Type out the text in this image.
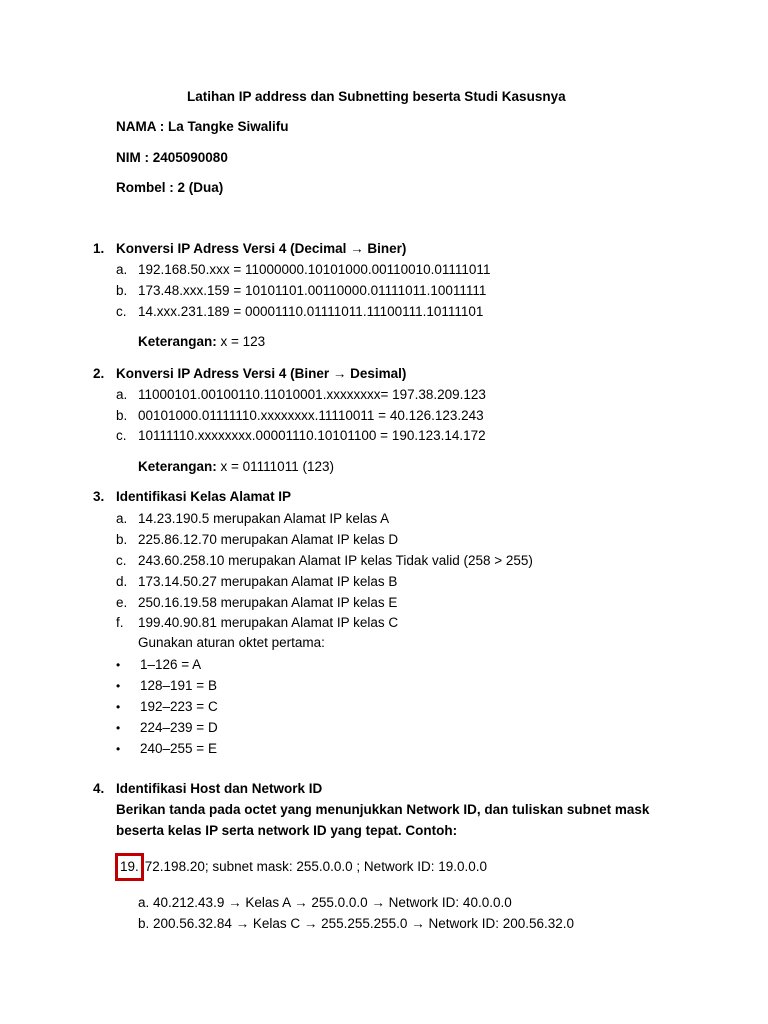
Latihan IP address dan Subnetting beserta Studi Kasusnya
NAMA : La Tangke Siwalifu
NIM : 2405090080
Rombel : 2 (Dua)
1. Konversi IP Adress Versi 4 (Decimal → Biner)
a. 192.168.50.xxx = 11000000.10101000.00110010.01111011
b. 173.48.xxx.159 = 10101101.00110000.01111011.10011111
c. 14.xxx.231.189 = 00001110.01111011.11100111.10111101
Keterangan: x = 123
2. Konversi IP Adress Versi 4 (Biner → Desimal)
a. 11000101.00100110.11010001.xxxxxxxx= 197.38.209.123
b. 00101000.01111110.xxxxxxxx.11110011 = 40.126.123.243
c. 10111110.xxxxxxxx.00001110.10101100 = 190.123.14.172
Keterangan: x = 01111011 (123)
3. Identifikasi Kelas Alamat IP
a. 14.23.190.5 merupakan Alamat IP kelas A
b. 225.86.12.70 merupakan Alamat IP kelas D
c. 243.60.258.10 merupakan Alamat IP kelas Tidak valid (258 > 255)
d. 173.14.50.27 merupakan Alamat IP kelas B
e. 250.16.19.58 merupakan Alamat IP kelas E
f. 199.40.90.81 merupakan Alamat IP kelas C
Gunakan aturan oktet pertama:
• 1–126 = A
• 128–191 = B
• 192–223 = C
• 224–239 = D
• 240–255 = E
4. Identifikasi Host dan Network ID
Berikan tanda pada octet yang menunjukkan Network ID, dan tuliskan subnet mask
beserta kelas IP serta network ID yang tepat. Contoh:
19. 72.198.20; subnet mask: 255.0.0.0 ; Network ID: 19.0.0.0
a. 40.212.43.9 → Kelas A → 255.0.0.0 → Network ID: 40.0.0.0
b. 200.56.32.84 → Kelas C → 255.255.255.0 → Network ID: 200.56.32.0
